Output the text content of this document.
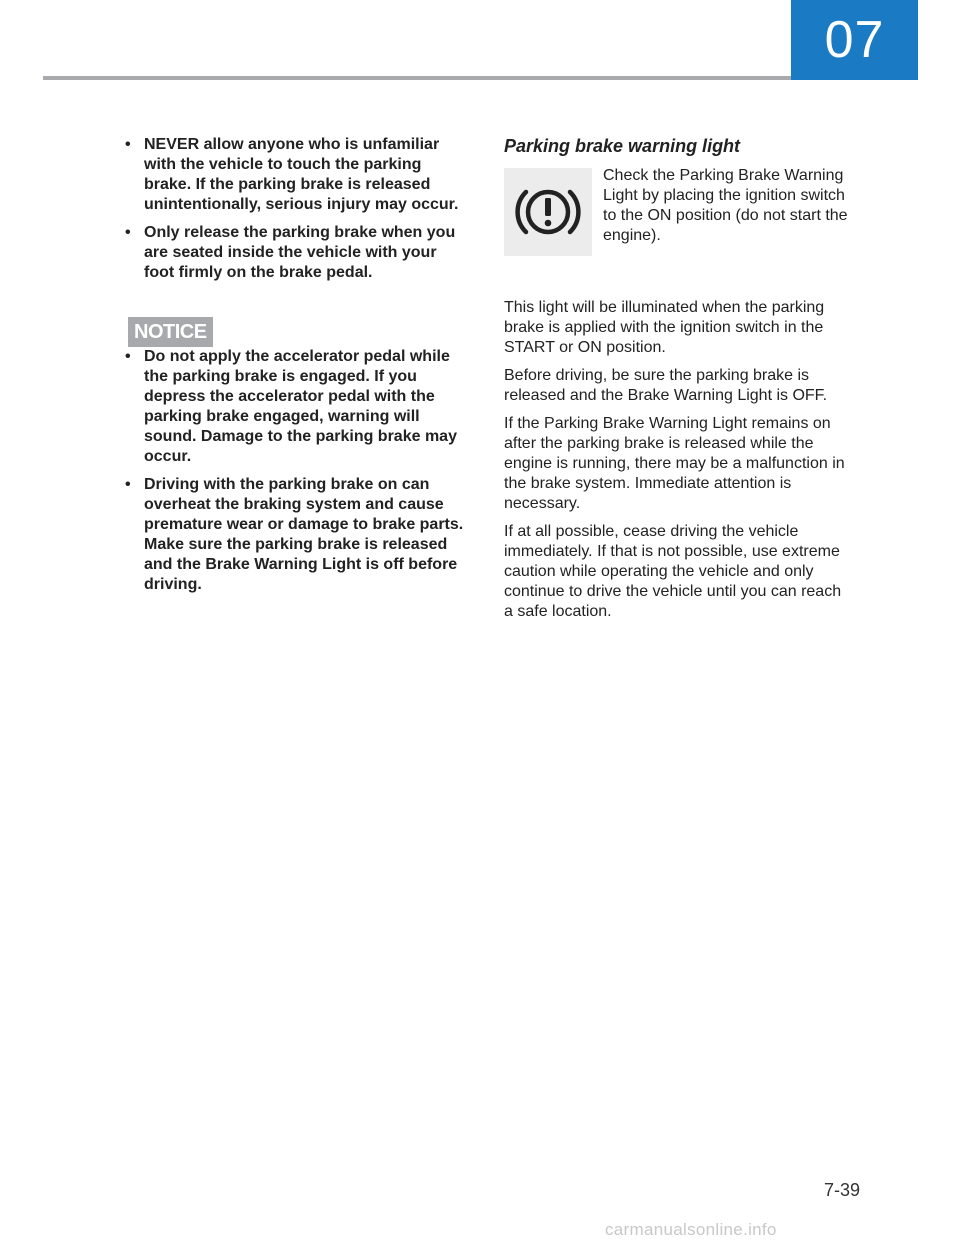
07
• NEVER allow anyone who is unfamiliar with the vehicle to touch the parking brake. If the parking brake is released unintentionally, serious injury may occur.
• Only release the parking brake when you are seated inside the vehicle with your foot firmly on the brake pedal.
NOTICE
• Do not apply the accelerator pedal while the parking brake is engaged. If you depress the accelerator pedal with the parking brake engaged, warning will sound. Damage to the parking brake may occur.
• Driving with the parking brake on can overheat the braking system and cause premature wear or damage to brake parts. Make sure the parking brake is released and the Brake Warning Light is off before driving.
Parking brake warning light
Check the Parking Brake Warning Light by placing the ignition switch to the ON position (do not start the engine).

This light will be illuminated when the parking brake is applied with the ignition switch in the START or ON position.

Before driving, be sure the parking brake is released and the Brake Warning Light is OFF.

If the Parking Brake Warning Light remains on after the parking brake is released while the engine is running, there may be a malfunction in the brake system. Immediate attention is necessary.

If at all possible, cease driving the vehicle immediately. If that is not possible, use extreme caution while operating the vehicle and only continue to drive the vehicle until you can reach a safe location.

7-39
carmanualsonline.info
